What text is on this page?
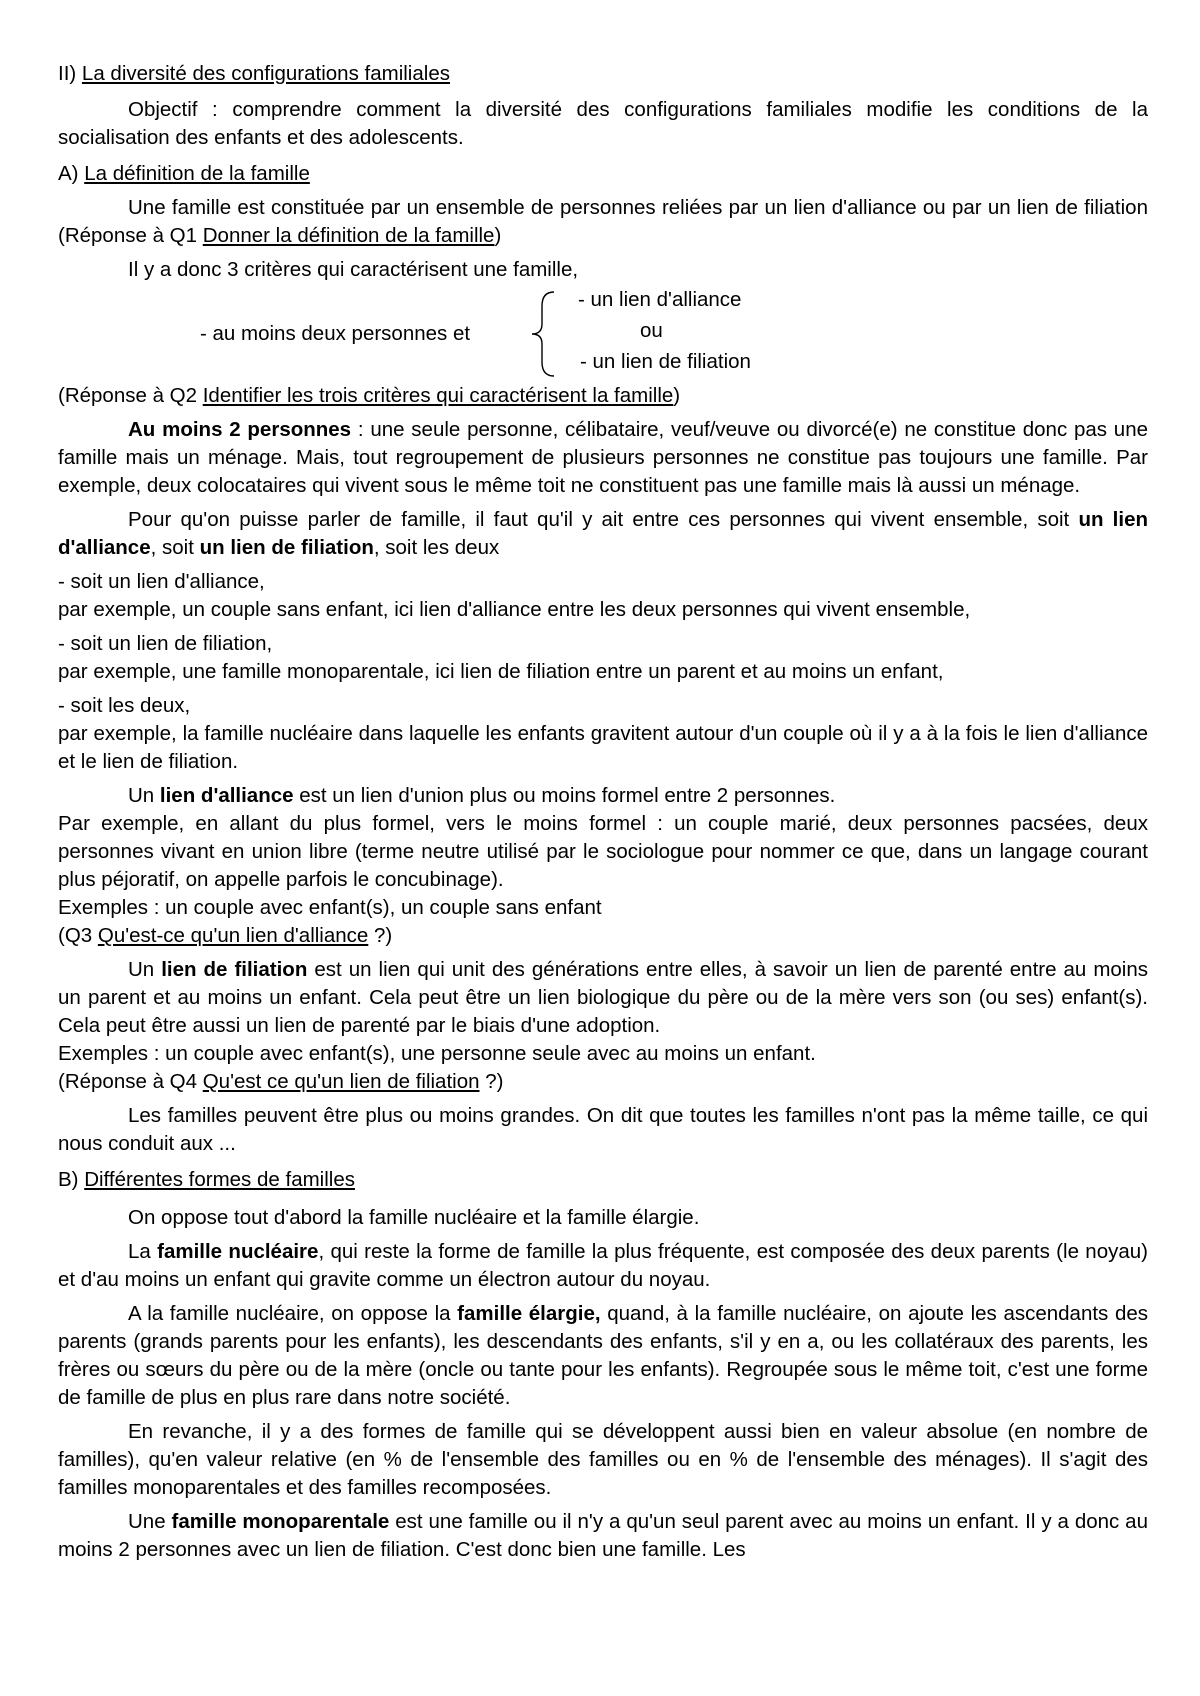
II) La diversité des configurations familiales
Objectif : comprendre comment la diversité des configurations familiales modifie les conditions de la socialisation des enfants et des adolescents.
A) La définition de la famille
Une famille est constituée par un ensemble de personnes reliées par un lien d'alliance ou par un lien de filiation (Réponse à Q1 Donner la définition de la famille)
Il y a donc 3 critères qui caractérisent une famille,
- au moins deux personnes et
- un lien d'alliance
ou
- un lien de filiation
(Réponse à Q2 Identifier les trois critères qui caractérisent la famille)
Au moins 2 personnes : une seule personne, célibataire, veuf/veuve ou divorcé(e) ne constitue donc pas une famille mais un ménage. Mais, tout regroupement de plusieurs personnes ne constitue pas toujours une famille. Par exemple, deux colocataires qui vivent sous le même toit ne constituent pas une famille mais là aussi un ménage.
Pour qu'on puisse parler de famille, il faut qu'il y ait entre ces personnes qui vivent ensemble, soit un lien d'alliance, soit un lien de filiation, soit les deux
- soit un lien d'alliance,
par exemple, un couple sans enfant, ici lien d'alliance entre les deux personnes qui vivent ensemble,
- soit un lien de filiation,
par exemple, une famille monoparentale, ici lien de filiation entre un parent et au moins un enfant,
- soit les deux,
par exemple, la famille nucléaire dans laquelle les enfants gravitent autour d'un couple où il y a à la fois le lien d'alliance et le lien de filiation.
Un lien d'alliance est un lien d'union plus ou moins formel entre 2 personnes.
Par exemple, en allant du plus formel, vers le moins formel : un couple marié, deux personnes pacsées, deux personnes vivant en union libre (terme neutre utilisé par le sociologue pour nommer ce que, dans un langage courant plus péjoratif, on appelle parfois le concubinage).
Exemples : un couple avec enfant(s), un couple sans enfant
(Q3 Qu'est-ce qu'un lien d'alliance ?)
Un lien de filiation est un lien qui unit des générations entre elles, à savoir un lien de parenté entre au moins un parent et au moins un enfant. Cela peut être un lien biologique du père ou de la mère vers son (ou ses) enfant(s). Cela peut être aussi un lien de parenté par le biais d'une adoption.
Exemples : un couple avec enfant(s), une personne seule avec au moins un enfant.
(Réponse à Q4 Qu'est ce qu'un lien de filiation ?)
Les familles peuvent être plus ou moins grandes. On dit que toutes les familles n'ont pas la même taille, ce qui nous conduit aux ...
B) Différentes formes de familles
On oppose tout d'abord la famille nucléaire et la famille élargie.
La famille nucléaire, qui reste la forme de famille la plus fréquente, est composée des deux parents (le noyau) et d'au moins un enfant qui gravite comme un électron autour du noyau.
A la famille nucléaire, on oppose la famille élargie, quand, à la famille nucléaire, on ajoute les ascendants des parents (grands parents pour les enfants), les descendants des enfants, s'il y en a, ou les collatéraux des parents, les frères ou sœurs du père ou de la mère (oncle ou tante pour les enfants). Regroupée sous le même toit, c'est une forme de famille de plus en plus rare dans notre société.
En revanche, il y a des formes de famille qui se développent aussi bien en valeur absolue (en nombre de familles), qu'en valeur relative (en % de l'ensemble des familles ou en % de l'ensemble des ménages). Il s'agit des familles monoparentales et des familles recomposées.
Une famille monoparentale est une famille ou il n'y a qu'un seul parent avec au moins un enfant. Il y a donc au moins 2 personnes avec un lien de filiation. C'est donc bien une famille. Les
